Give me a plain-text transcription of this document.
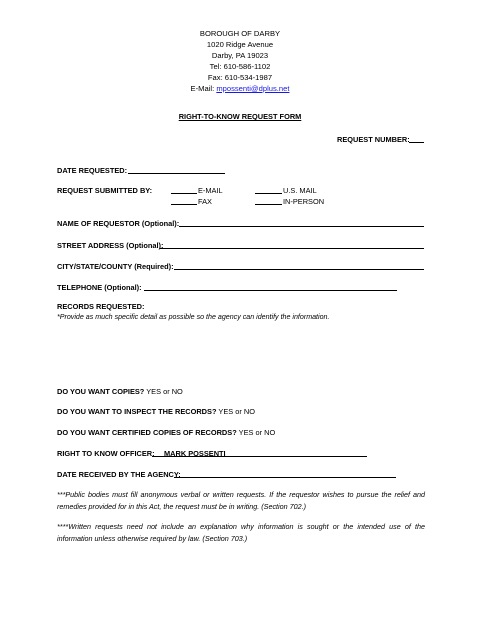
BOROUGH OF DARBY
1020 Ridge Avenue
Darby, PA 19023
Tel: 610-586-1102
Fax: 610-534-1987
E-Mail: mpossenti@dplus.net
RIGHT-TO-KNOW REQUEST FORM
REQUEST NUMBER:
DATE REQUESTED:
REQUEST SUBMITTED BY:	E-MAIL	U.S. MAIL
FAX	IN-PERSON
NAME OF REQUESTOR (Optional):
STREET ADDRESS (Optional):
CITY/STATE/COUNTY (Required):
TELEPHONE (Optional):
RECORDS REQUESTED:
*Provide as much specific detail as possible so the agency can identify the information.
DO YOU WANT COPIES? YES or NO
DO YOU WANT TO INSPECT THE RECORDS? YES or NO
DO YOU WANT CERTIFIED COPIES OF RECORDS? YES or NO
RIGHT TO KNOW OFFICER: MARK POSSENTI
DATE RECEIVED BY THE AGENCY:
***Public bodies must fill anonymous verbal or written requests. If the requestor wishes to pursue the relief and remedies provided for in this Act, the request must be in writing. (Section 702.)
****Written requests need not include an explanation why information is sought or the intended use of the information unless otherwise required by law. (Section 703.)
